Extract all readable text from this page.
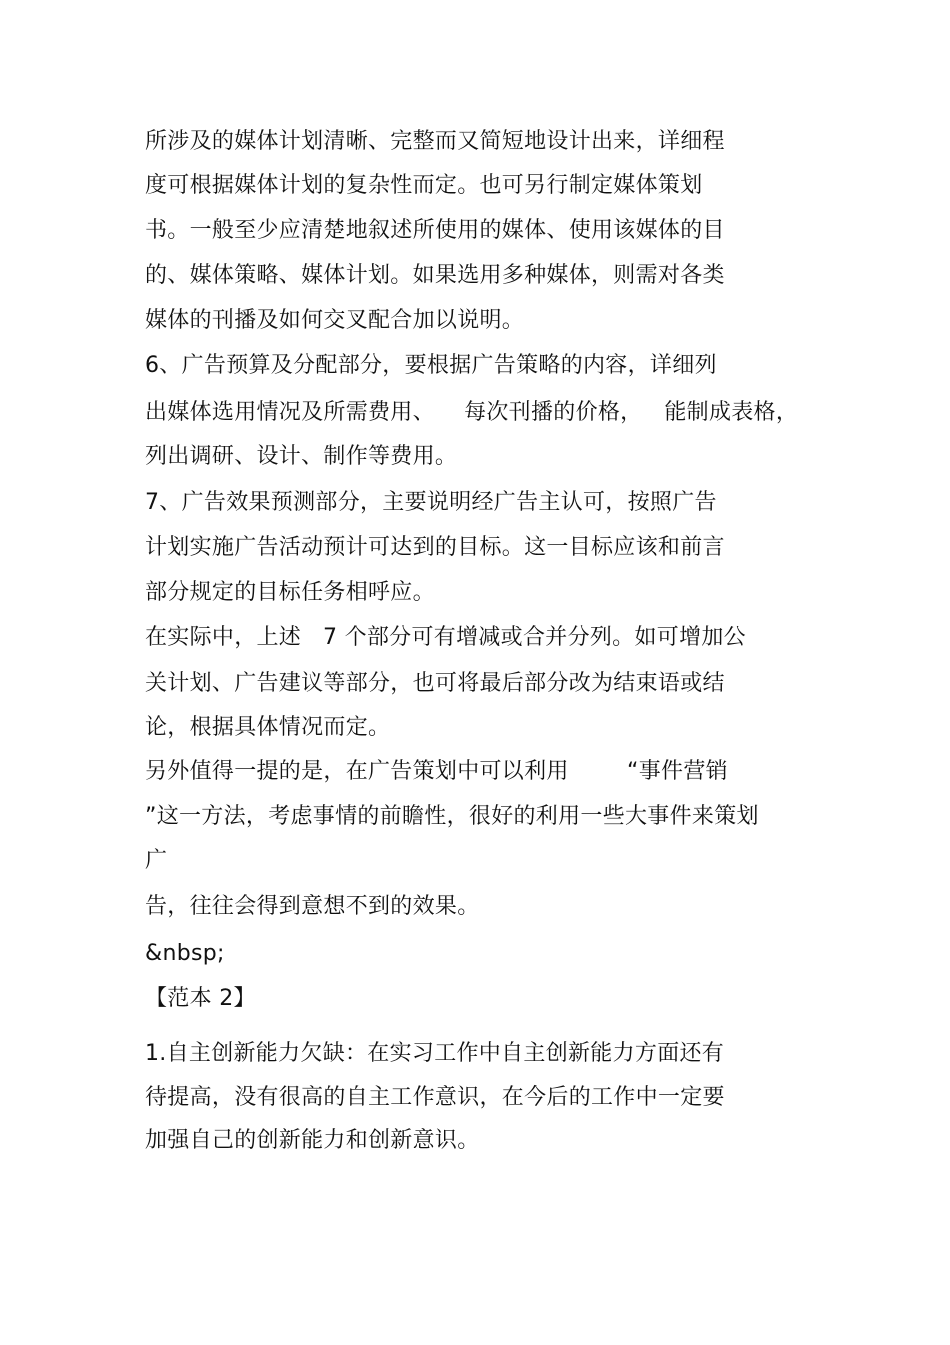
所涉及的媒体计划清晰、完整而又简短地设计出来，详细程
度可根据媒体计划的复杂性而定。也可另行制定媒体策划
书。一般至少应清楚地叙述所使用的媒体、使用该媒体的目
的、媒体策略、媒体计划。如果选用多种媒体，则需对各类
媒体的刊播及如何交叉配合加以说明。
6、广告预算及分配部分，要根据广告策略的内容，详细列
出媒体选用情况及所需费用、    每次刊播的价格，   能制成表格，
列出调研、设计、制作等费用。
7、广告效果预测部分，主要说明经广告主认可，按照广告
计划实施广告活动预计可达到的目标。这一目标应该和前言
部分规定的目标任务相呼应。
在实际中，上述   7 个部分可有增减或合并分列。如可增加公
关计划、广告建议等部分，也可将最后部分改为结束语或结
论，根据具体情况而定。
另外值得一提的是，在广告策划中可以利用        “事件营销
”这一方法，考虑事情的前瞻性，很好的利用一些大事件来策划
广
告，往往会得到意想不到的效果。
&nbsp;
【范本 2】
1.自主创新能力欠缺：在实习工作中自主创新能力方面还有
待提高，没有很高的自主工作意识，在今后的工作中一定要
加强自己的创新能力和创新意识。
